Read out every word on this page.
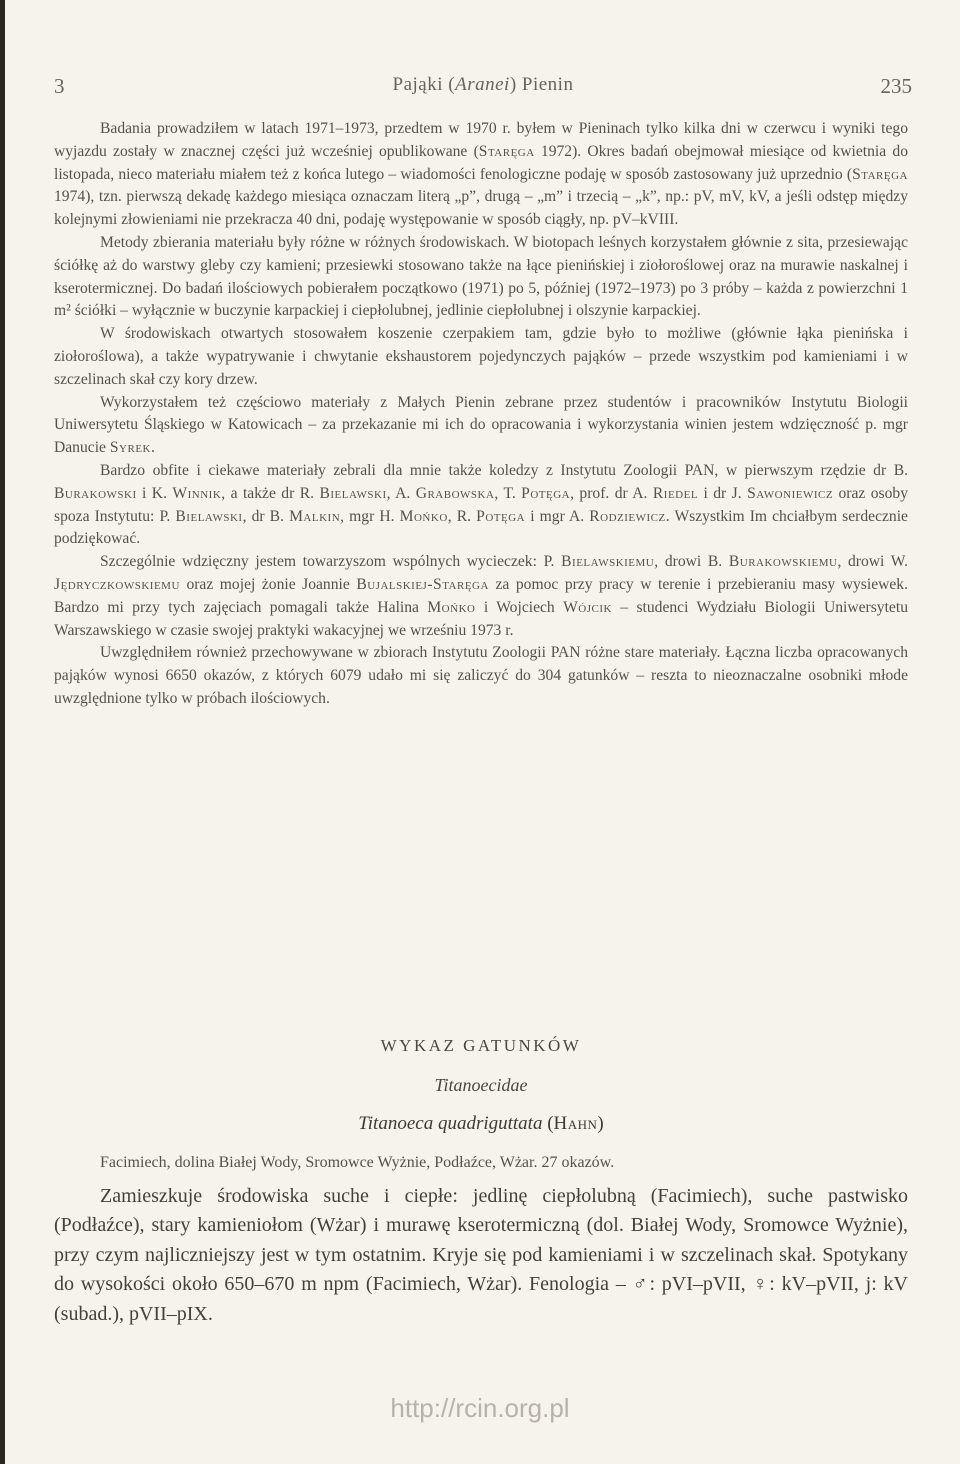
3	Pająki (Aranei) Pienin	235

Badania prowadziłem w latach 1971–1973, przedtem w 1970 r. byłem w Pieninach tylko kilka dni w czerwcu i wyniki tego wyjazdu zostały w znacznej części już wcześniej opublikowane (Staręga 1972). Okres badań obejmował miesiące od kwietnia do listopada, nieco materiału miałem też z końca lutego – wiadomości fenologiczne podaję w sposób zastosowany już uprzednio (Staręga 1974), tzn. pierwszą dekadę każdego miesiąca oznaczam literą „p”, drugą – „m” i trzecią – „k”, np.: pV, mV, kV, a jeśli odstęp między kolejnymi złowieniami nie przekracza 40 dni, podaję występowanie w sposób ciągły, np. pV–kVIII.

Metody zbierania materiału były różne w różnych środowiskach. W biotopach leśnych korzystałem głównie z sita, przesiewając ściółkę aż do warstwy gleby czy kamieni; przesiewki stosowano także na łące pienińskiej i ziołoroślowej oraz na murawie naskalnej i kserotermicznej. Do badań ilościowych pobierałem początkowo (1971) po 5, później (1972–1973) po 3 próby – każda z powierzchni 1 m² ściółki – wyłącznie w buczynie karpackiej i ciepłolubnej, jedlinie ciepłolubnej i olszynie karpackiej.

W środowiskach otwartych stosowałem koszenie czerpakiem tam, gdzie było to możliwe (głównie łąka pienińska i ziołoroślowa), a także wypatrywanie i chwytanie ekshaustorem pojedynczych pająków – przede wszystkim pod kamieniami i w szczelinach skał czy kory drzew.

Wykorzystałem też częściowo materiały z Małych Pienin zebrane przez studentów i pracowników Instytutu Biologii Uniwersytetu Śląskiego w Katowicach – za przekazanie mi ich do opracowania i wykorzystania winien jestem wdzięczność p. mgr Danucie Syrek.

Bardzo obfite i ciekawe materiały zebrali dla mnie także koledzy z Instytutu Zoologii PAN, w pierwszym rzędzie dr B. Burakowski i K. Winnik, a także dr R. Bielawski, A. Grabowska, T. Potęga, prof. dr A. Riedel i dr J. Sawoniewicz oraz osoby spoza Instytutu: P. Bielawski, dr B. Malkin, mgr H. Mońko, R. Potęga i mgr A. Rodziewicz. Wszystkim Im chciałbym serdecznie podziękować.

Szczególnie wdzięczny jestem towarzyszom wspólnych wycieczek: P. Bielawskiemu, drowi B. Burakowskiemu, drowi W. Jędryczkowskiemu oraz mojej żonie Joannie Bujalskiej-Staręga za pomoc przy pracy w terenie i przebieraniu masy wysiewek. Bardzo mi przy tych zajęciach pomagali także Halina Mońko i Wojciech Wójcik – studenci Wydziału Biologii Uniwersytetu Warszawskiego w czasie swojej praktyki wakacyjnej we wrześniu 1973 r.

Uwzględniłem również przechowywane w zbiorach Instytutu Zoologii PAN różne stare materiały. Łączna liczba opracowanych pająków wynosi 6650 okazów, z których 6079 udało mi się zaliczyć do 304 gatunków – reszta to nieoznaczalne osobniki młode uwzględnione tylko w próbach ilościowych.

WYKAZ GATUNKÓW
Titanoecidae
Titanoeca quadriguttata (Hahn)
Facimiech, dolina Białej Wody, Sromowce Wyżnie, Podłaźce, Wżar. 27 okazów.
Zamieszkuje środowiska suche i ciepłe: jedlinę ciepłolubną (Facimiech), suche pastwisko (Podłaźce), stary kamieniołom (Wżar) i murawę kserotermiczną (dol. Białej Wody, Sromowce Wyżnie), przy czym najliczniejszy jest w tym ostatnim. Kryje się pod kamieniami i w szczelinach skał. Spotykany do wysokości około 650–670 m npm (Facimiech, Wżar). Fenologia – ♂: pVI–pVII, ♀: kV–pVII, j: kV (subad.), pVII–pIX.
http://rcin.org.pl
